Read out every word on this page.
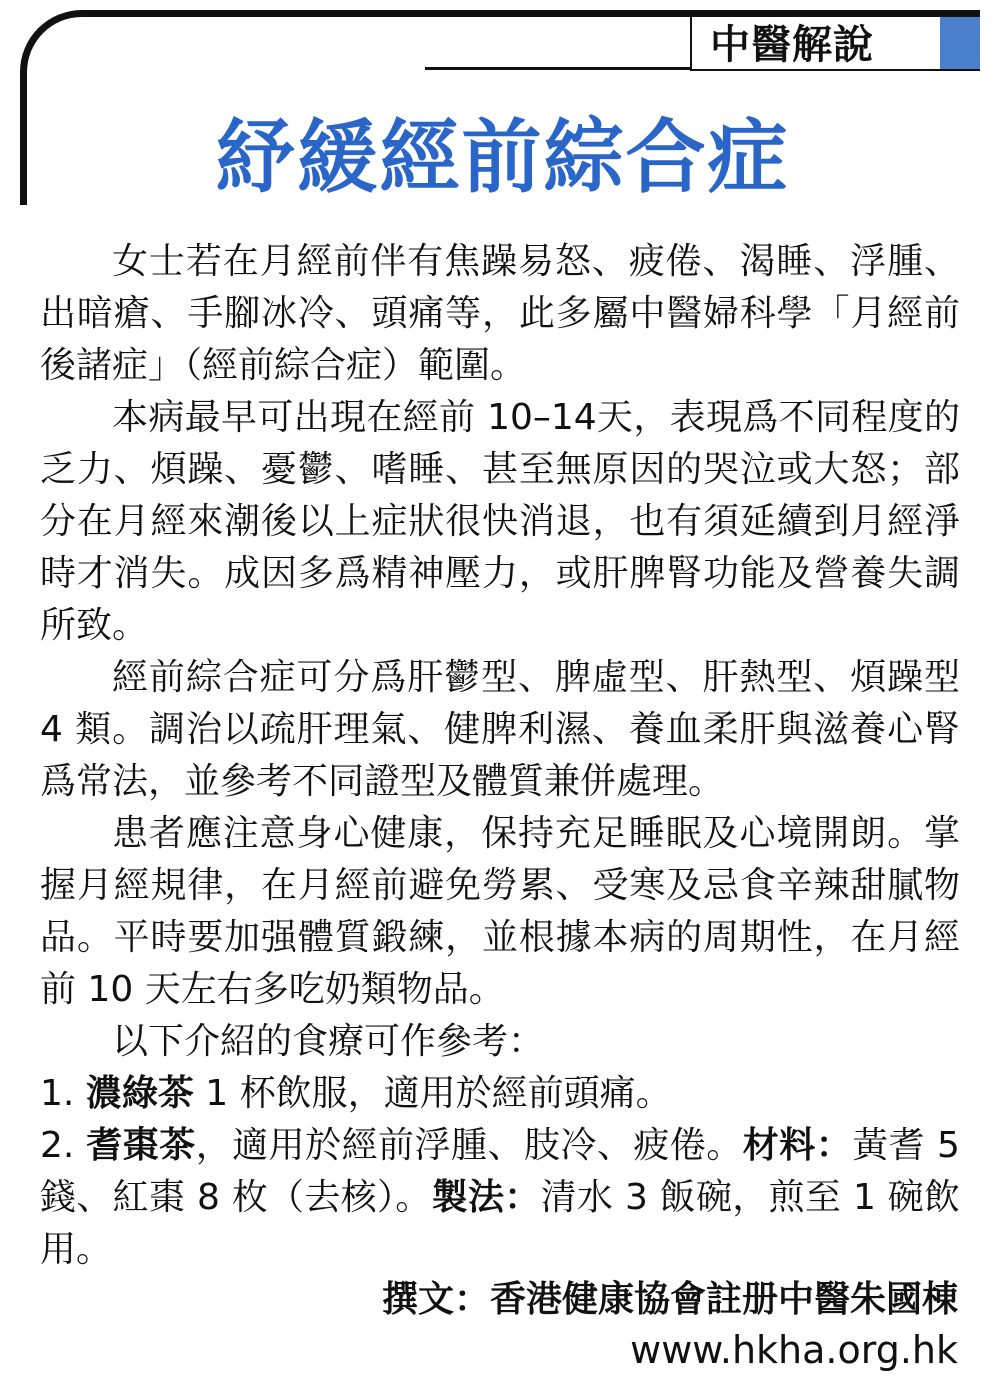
中醫解說
紓緩經前綜合症

女士若在月經前伴有焦躁易怒、疲倦、渴睡、浮腫、出暗瘡、手腳冰冷、頭痛等，此多屬中醫婦科學「月經前後諸症」（經前綜合症）範圍。

本病最早可出現在經前 10–14天，表現爲不同程度的乏力、煩躁、憂鬱、嗜睡、甚至無原因的哭泣或大怒；部分在月經來潮後以上症狀很快消退，也有須延續到月經淨時才消失。成因多爲精神壓力，或肝脾腎功能及營養失調所致。

經前綜合症可分爲肝鬱型、脾虛型、肝熱型、煩躁型 4 類。調治以疏肝理氣、健脾利濕、養血柔肝與滋養心腎爲常法，並參考不同證型及體質兼併處理。

患者應注意身心健康，保持充足睡眠及心境開朗。掌握月經規律，在月經前避免勞累、受寒及忌食辛辣甜膩物品。平時要加强體質鍛練，並根據本病的周期性，在月經前 10 天左右多吃奶類物品。

以下介紹的食療可作參考：

1. 濃綠茶 1 杯飲服，適用於經前頭痛。

2. 耆棗茶，適用於經前浮腫、肢冷、疲倦。材料：黃耆 5 錢、紅棗 8 枚（去核）。製法：清水 3 飯碗，煎至 1 碗飲用。

撰文：香港健康協會註册中醫朱國棟
www.hkha.org.hk
